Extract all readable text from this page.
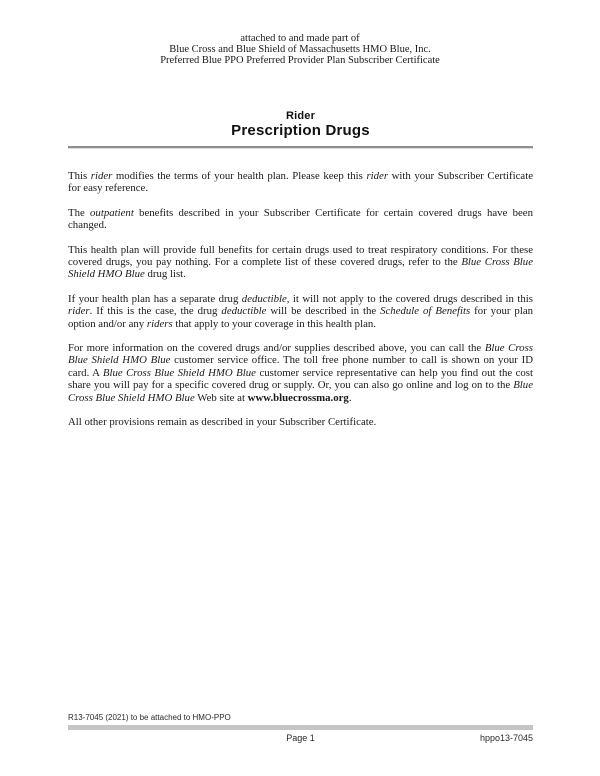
attached to and made part of
Blue Cross and Blue Shield of Massachusetts HMO Blue, Inc.
Preferred Blue PPO Preferred Provider Plan Subscriber Certificate
Rider
Prescription Drugs

This rider modifies the terms of your health plan. Please keep this rider with your Subscriber Certificate for easy reference.

The outpatient benefits described in your Subscriber Certificate for certain covered drugs have been changed.

This health plan will provide full benefits for certain drugs used to treat respiratory conditions. For these covered drugs, you pay nothing. For a complete list of these covered drugs, refer to the Blue Cross Blue Shield HMO Blue drug list.

If your health plan has a separate drug deductible, it will not apply to the covered drugs described in this rider. If this is the case, the drug deductible will be described in the Schedule of Benefits for your plan option and/or any riders that apply to your coverage in this health plan.

For more information on the covered drugs and/or supplies described above, you can call the Blue Cross Blue Shield HMO Blue customer service office. The toll free phone number to call is shown on your ID card. A Blue Cross Blue Shield HMO Blue customer service representative can help you find out the cost share you will pay for a specific covered drug or supply. Or, you can also go online and log on to the Blue Cross Blue Shield HMO Blue Web site at www.bluecrossma.org.

All other provisions remain as described in your Subscriber Certificate.

R13-7045 (2021) to be attached to HMO-PPO
Page 1	hppo13-7045
